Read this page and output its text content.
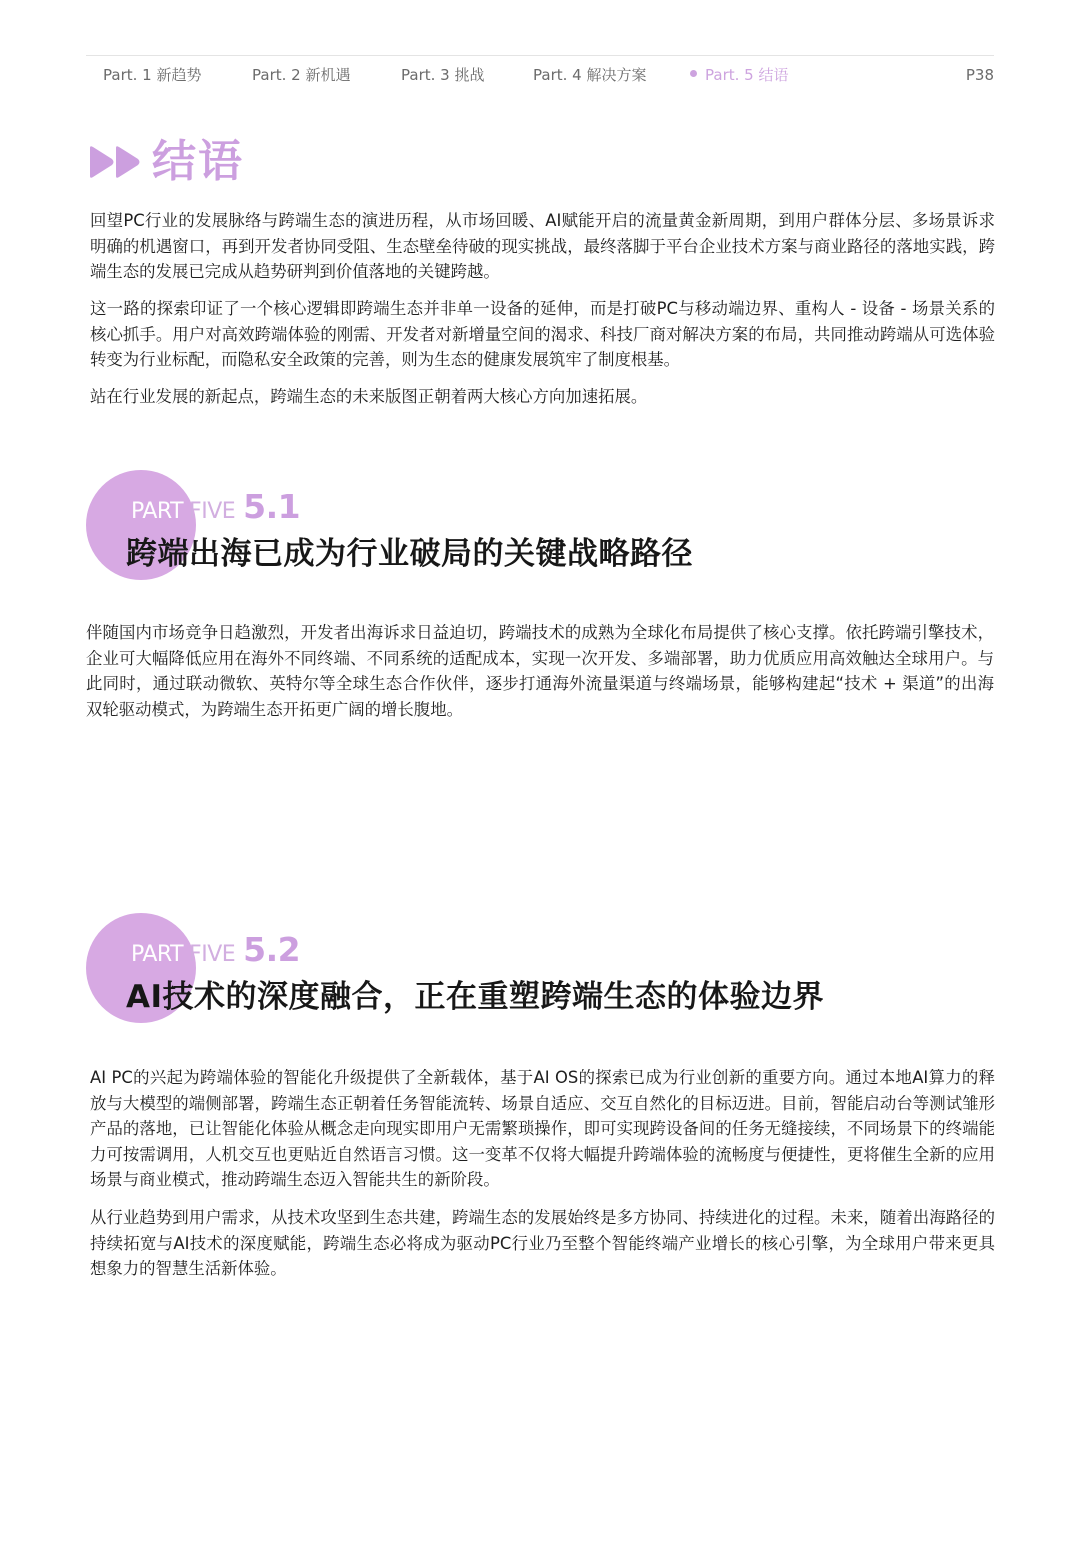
Part. 1 新趋势	Part. 2 新机遇	Part. 3 挑战	Part. 4 解决方案	Part. 5 结语	P38
结语

回望PC行业的发展脉络与跨端生态的演进历程，从市场回暖、AI赋能开启的流量黄金新周期，到用户群体分层、多场景诉求明确的机遇窗口，再到开发者协同受阻、生态壁垒待破的现实挑战，最终落脚于平台企业技术方案与商业路径的落地实践，跨端生态的发展已完成从趋势研判到价值落地的关键跨越。

这一路的探索印证了一个核心逻辑即跨端生态并非单一设备的延伸，而是打破PC与移动端边界、重构人 - 设备 - 场景关系的核心抓手。用户对高效跨端体验的刚需、开发者对新增量空间的渴求、科技厂商对解决方案的布局，共同推动跨端从可选体验转变为行业标配，而隐私安全政策的完善，则为生态的健康发展筑牢了制度根基。

站在行业发展的新起点，跨端生态的未来版图正朝着两大核心方向加速拓展。

PART FIVE 5.1
跨端出海已成为行业破局的关键战略路径

伴随国内市场竞争日趋激烈，开发者出海诉求日益迫切，跨端技术的成熟为全球化布局提供了核心支撑。依托跨端引擎技术，企业可大幅降低应用在海外不同终端、不同系统的适配成本，实现一次开发、多端部署，助力优质应用高效触达全球用户。与此同时，通过联动微软、英特尔等全球生态合作伙伴，逐步打通海外流量渠道与终端场景，能够构建起“技术 + 渠道”的出海双轮驱动模式，为跨端生态开拓更广阔的增长腹地。

PART FIVE 5.2
AI技术的深度融合，正在重塑跨端生态的体验边界

AI PC的兴起为跨端体验的智能化升级提供了全新载体，基于AI OS的探索已成为行业创新的重要方向。通过本地AI算力的释放与大模型的端侧部署，跨端生态正朝着任务智能流转、场景自适应、交互自然化的目标迈进。目前，智能启动台等测试雏形产品的落地，已让智能化体验从概念走向现实即用户无需繁琐操作，即可实现跨设备间的任务无缝接续，不同场景下的终端能力可按需调用，人机交互也更贴近自然语言习惯。这一变革不仅将大幅提升跨端体验的流畅度与便捷性，更将催生全新的应用场景与商业模式，推动跨端生态迈入智能共生的新阶段。

从行业趋势到用户需求，从技术攻坚到生态共建，跨端生态的发展始终是多方协同、持续进化的过程。未来，随着出海路径的持续拓宽与AI技术的深度赋能，跨端生态必将成为驱动PC行业乃至整个智能终端产业增长的核心引擎，为全球用户带来更具想象力的智慧生活新体验。
